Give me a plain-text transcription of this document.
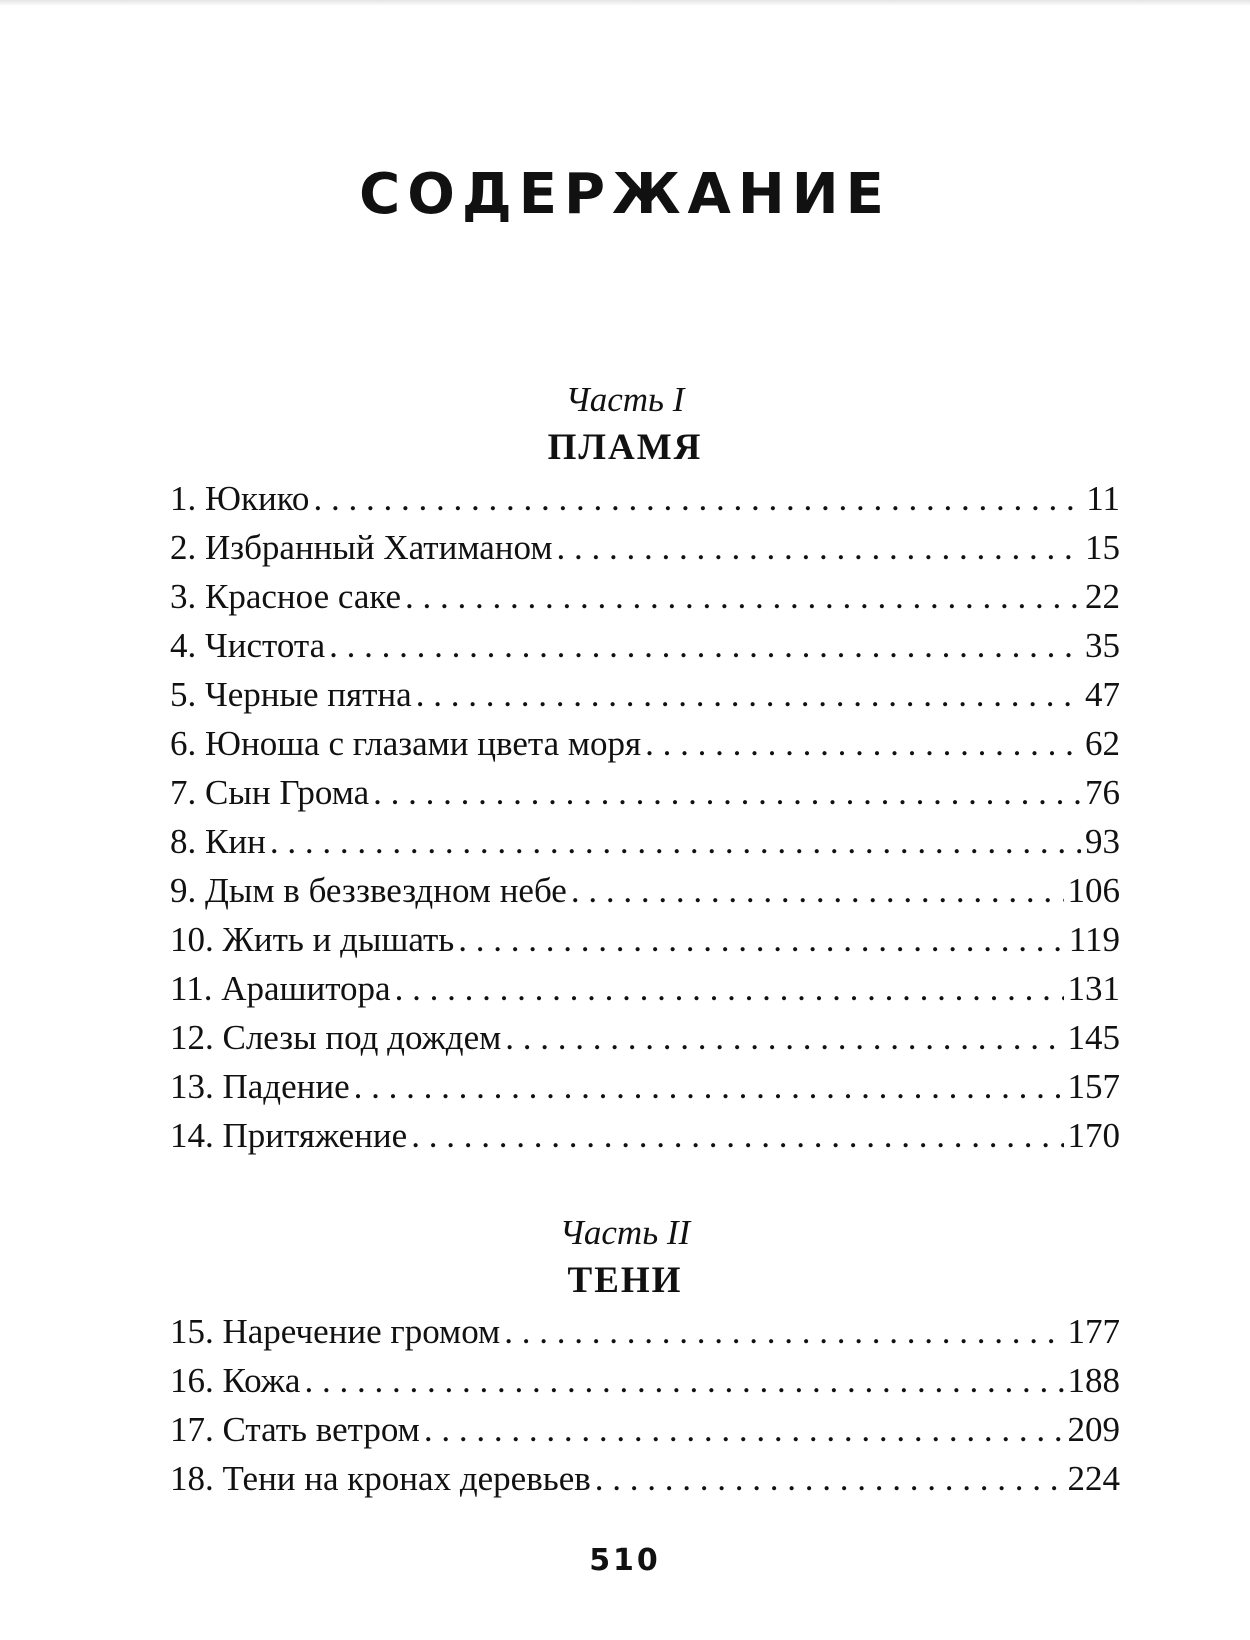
СОДЕРЖАНИЕ
Часть I
ПЛАМЯ
1. Юкико . . .	11
2. Избранный Хатиманом . . .	15
3. Красное саке . . .	22
4. Чистота . . .	35
5. Черные пятна . . .	47
6. Юноша с глазами цвета моря . . .	62
7. Сын Грома . . .	76
8. Кин . . .	93
9. Дым в беззвездном небе . . .	106
10. Жить и дышать . . .	119
11. Арашитора . . .	131
12. Слезы под дождем . . .	145
13. Падение . . .	157
14. Притяжение . . .	170
Часть II
ТЕНИ
15. Наречение громом . . .	177
16. Кожа . . .	188
17. Стать ветром . . .	209
18. Тени на кронах деревьев . . .	224
510
